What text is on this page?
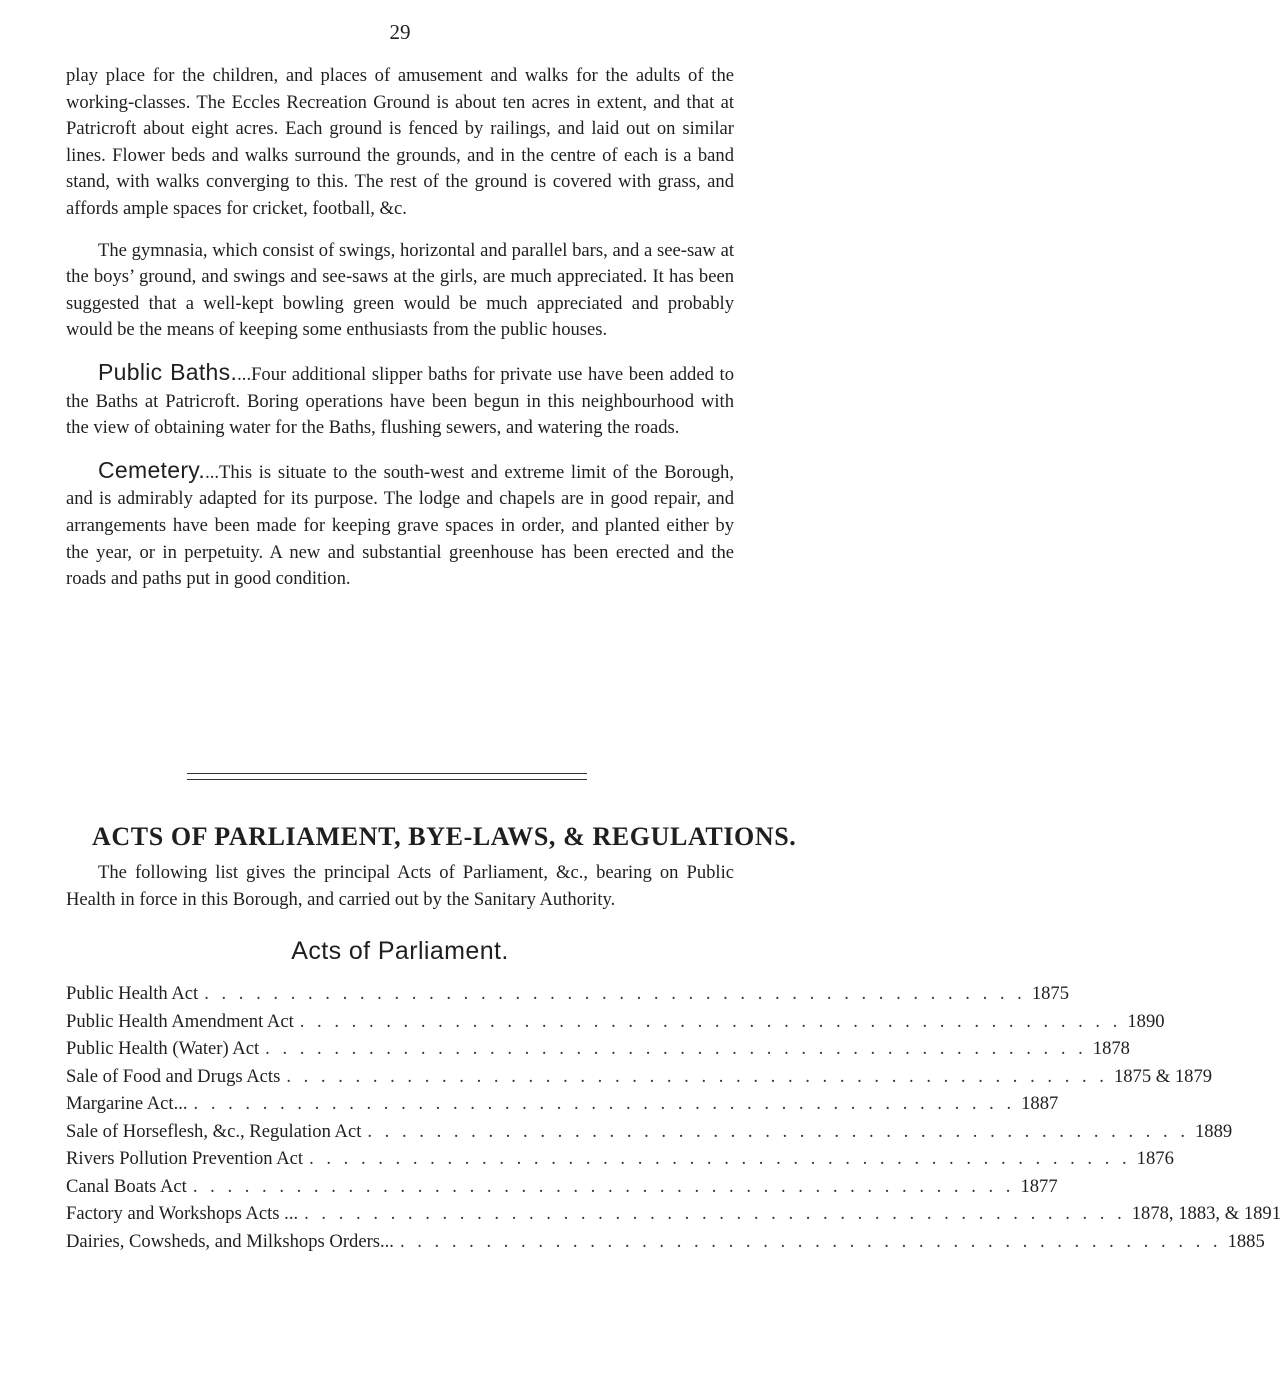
29

play place for the children, and places of amusement and walks for the adults of the working-classes. The Eccles Recreation Ground is about ten acres in extent, and that at Patricroft about eight acres. Each ground is fenced by railings, and laid out on similar lines. Flower beds and walks surround the grounds, and in the centre of each is a band stand, with walks converging to this. The rest of the ground is covered with grass, and affords ample spaces for cricket, football, &c.

The gymnasia, which consist of swings, horizontal and parallel bars, and a see-saw at the boys’ ground, and swings and see-saws at the girls, are much appreciated. It has been suggested that a well-kept bowling green would be much appreciated and probably would be the means of keeping some enthusiasts from the public houses.

Public Baths....Four additional slipper baths for private use have been added to the Baths at Patricroft. Boring operations have been begun in this neighbourhood with the view of obtaining water for the Baths, flushing sewers, and watering the roads.

Cemetery....This is situate to the south-west and extreme limit of the Borough, and is admirably adapted for its purpose. The lodge and chapels are in good repair, and arrangements have been made for keeping grave spaces in order, and planted either by the year, or in perpetuity. A new and substantial greenhouse has been erected and the roads and paths put in good condition.

ACTS OF PARLIAMENT, BYE-LAWS, & REGULATIONS.
The following list gives the principal Acts of Parliament, &c., bearing on Public Health in force in this Borough, and carried out by the Sanitary Authority.
Acts of Parliament.
Public Health Act . . . . . . . . . . . . . . . . . . . . . . . . . . . . . . . . . . . . . . . . . . . . . . . . 1875
Public Health Amendment Act . . . . . . . . . . . . . . . . . . . . . . . . . . . . . . . . . . . . . . . . . . . . . . . . 1890
Public Health (Water) Act . . . . . . . . . . . . . . . . . . . . . . . . . . . . . . . . . . . . . . . . . . . . . . . . 1878
Sale of Food and Drugs Acts . . . . . . . . . . . . . . . . . . . . . . . . . . . . . . . . . . . . . . . . . . . . . . . . 1875 & 1879
Margarine Act... . . . . . . . . . . . . . . . . . . . . . . . . . . . . . . . . . . . . . . . . . . . . . . . . 1887
Sale of Horseflesh, &c., Regulation Act . . . . . . . . . . . . . . . . . . . . . . . . . . . . . . . . . . . . . . . . . . . . . . . . 1889
Rivers Pollution Prevention Act . . . . . . . . . . . . . . . . . . . . . . . . . . . . . . . . . . . . . . . . . . . . . . . . 1876
Canal Boats Act . . . . . . . . . . . . . . . . . . . . . . . . . . . . . . . . . . . . . . . . . . . . . . . . 1877
Factory and Workshops Acts ... . . . . . . . . . . . . . . . . . . . . . . . . . . . . . . . . . . . . . . . . . . . . . . . . 1878, 1883, & 1891
Dairies, Cowsheds, and Milkshops Orders... . . . . . . . . . . . . . . . . . . . . . . . . . . . . . . . . . . . . . . . . . . . . . . . . 1885
